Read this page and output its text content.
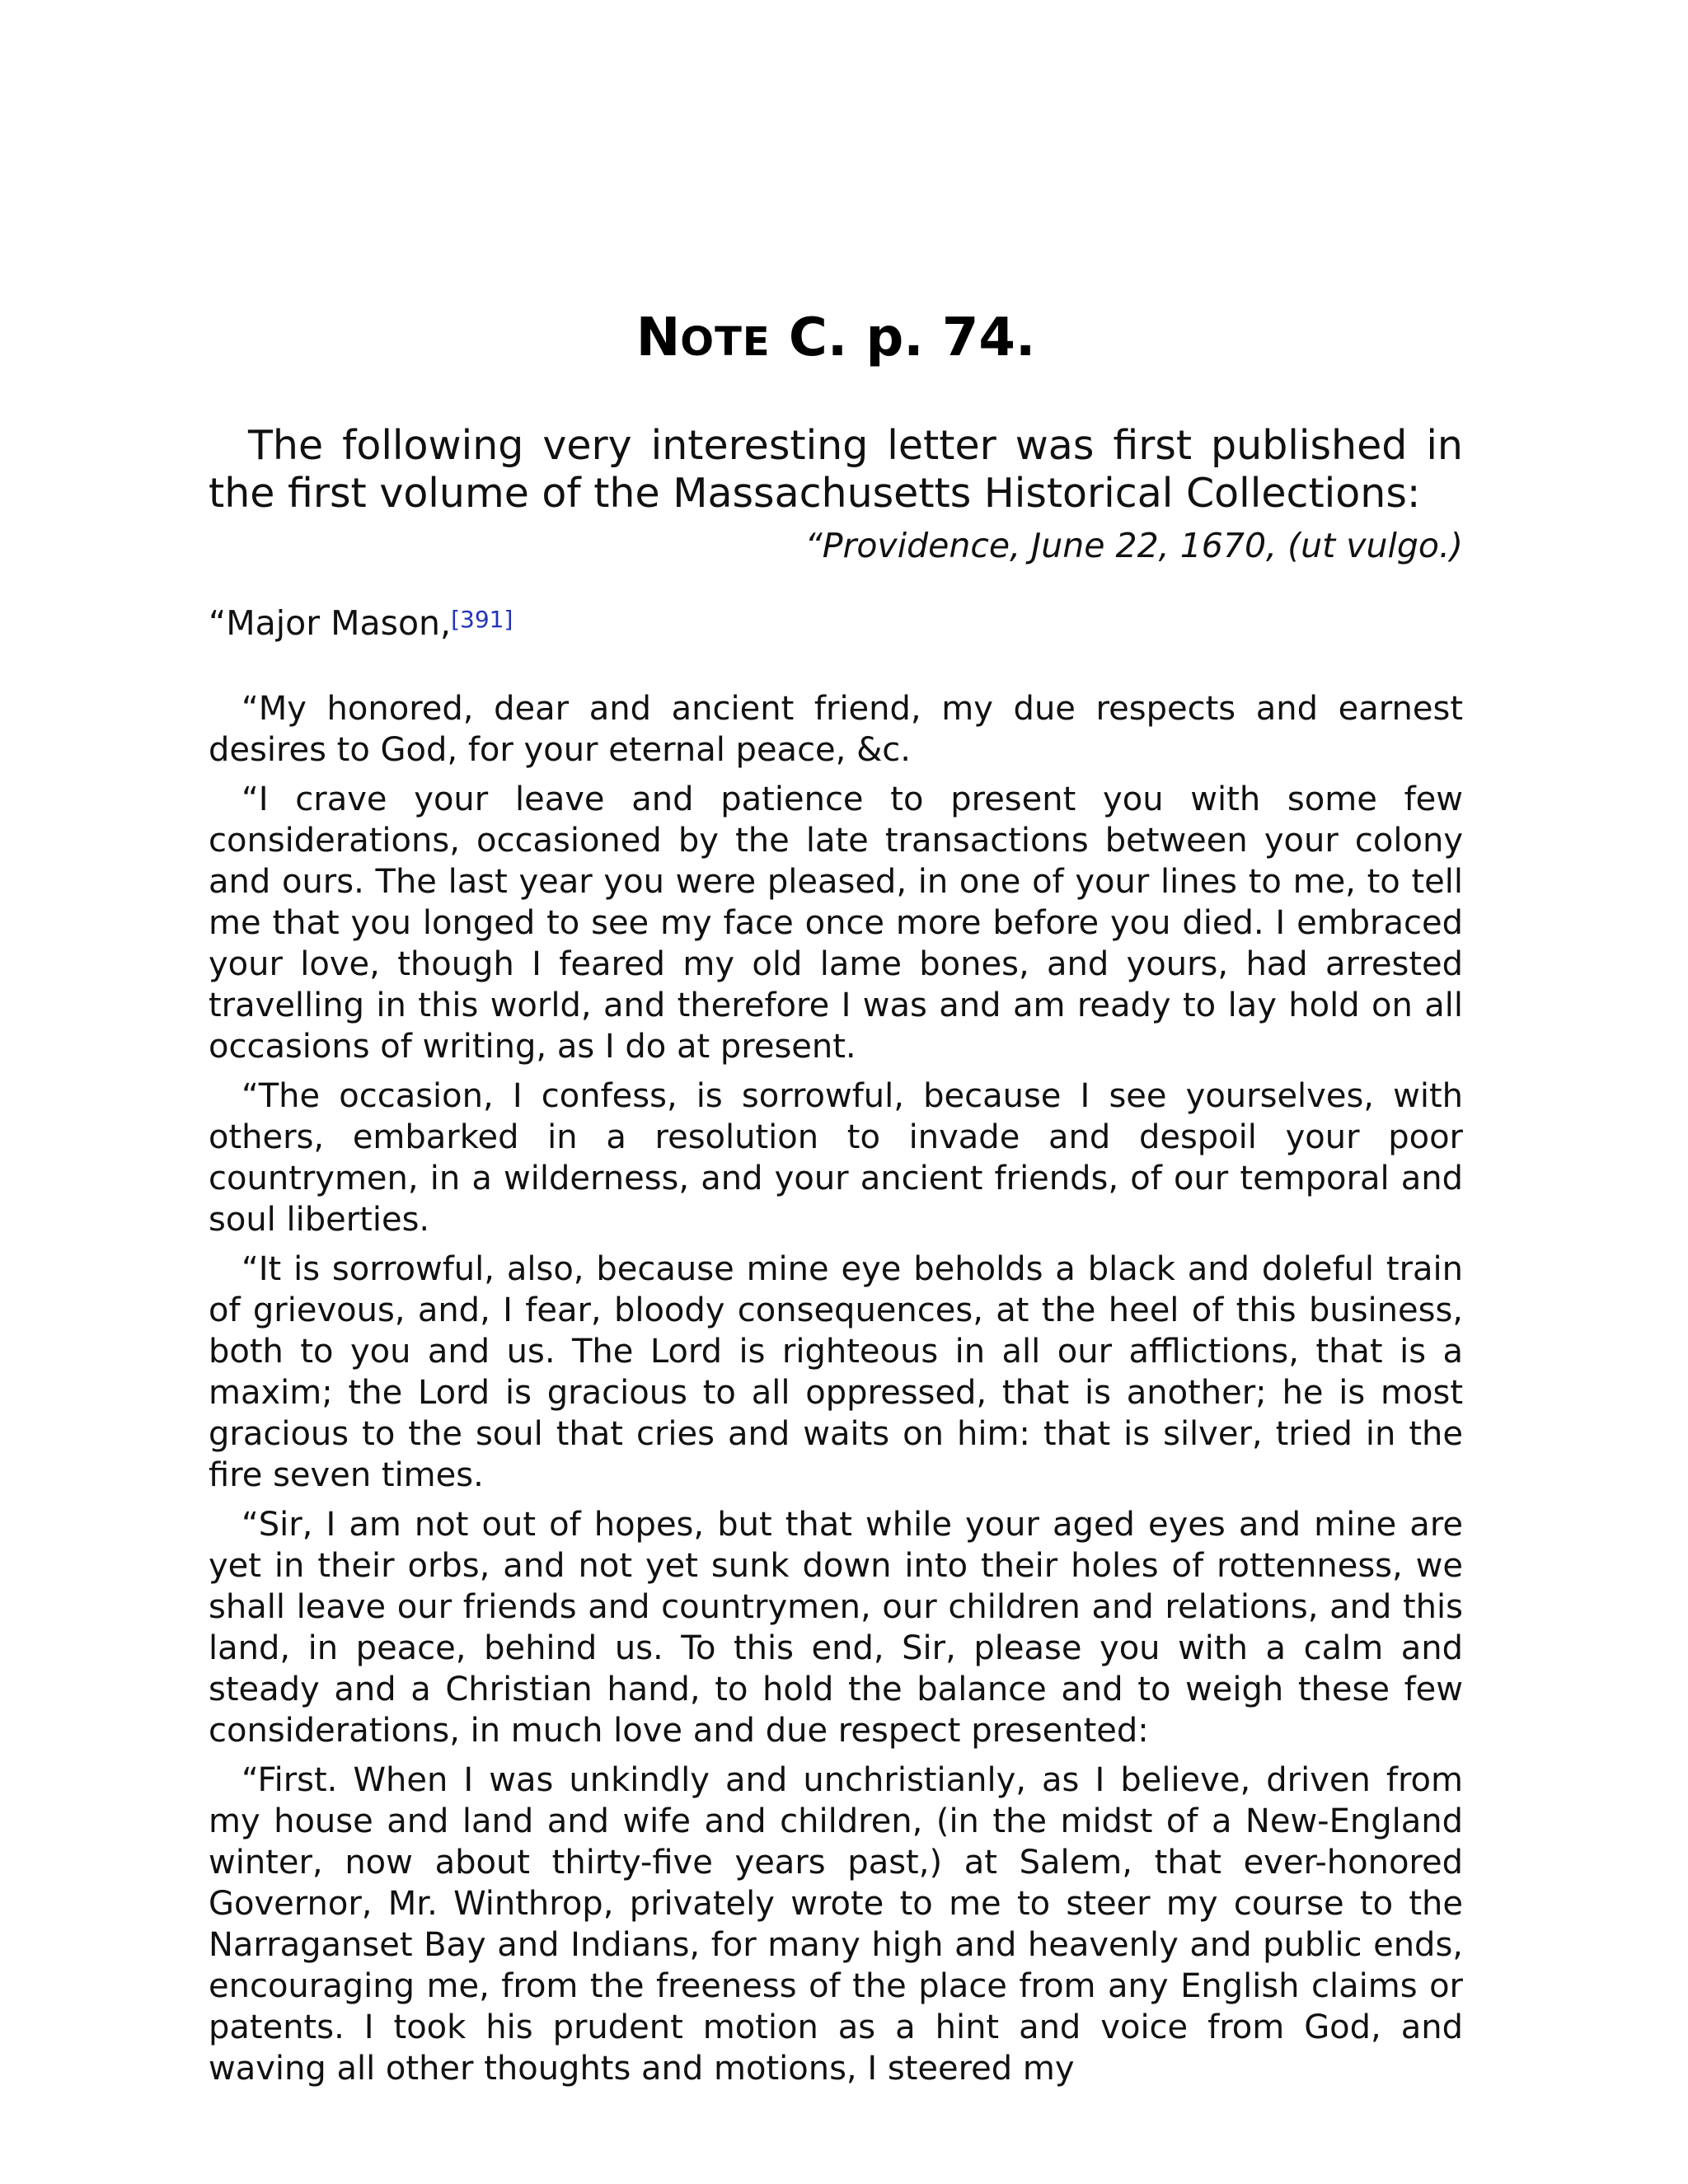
NOTE C. p. 74.

The following very interesting letter was first published in the first volume of the Massachusetts Historical Collections:

“Providence, June 22, 1670, (ut vulgo.)

“Major Mason,[391]

“My honored, dear and ancient friend, my due respects and earnest desires to God, for your eternal peace, &c.

“I crave your leave and patience to present you with some few considerations, occasioned by the late transactions between your colony and ours. The last year you were pleased, in one of your lines to me, to tell me that you longed to see my face once more before you died. I embraced your love, though I feared my old lame bones, and yours, had arrested travelling in this world, and therefore I was and am ready to lay hold on all occasions of writing, as I do at present.

“The occasion, I confess, is sorrowful, because I see yourselves, with others, embarked in a resolution to invade and despoil your poor countrymen, in a wilderness, and your ancient friends, of our temporal and soul liberties.

“It is sorrowful, also, because mine eye beholds a black and doleful train of grievous, and, I fear, bloody consequences, at the heel of this business, both to you and us. The Lord is righteous in all our afflictions, that is a maxim; the Lord is gracious to all oppressed, that is another; he is most gracious to the soul that cries and waits on him: that is silver, tried in the fire seven times.

“Sir, I am not out of hopes, but that while your aged eyes and mine are yet in their orbs, and not yet sunk down into their holes of rottenness, we shall leave our friends and countrymen, our children and relations, and this land, in peace, behind us. To this end, Sir, please you with a calm and steady and a Christian hand, to hold the balance and to weigh these few considerations, in much love and due respect presented:

“First. When I was unkindly and unchristianly, as I believe, driven from my house and land and wife and children, (in the midst of a New-England winter, now about thirty-five years past,) at Salem, that ever-honored Governor, Mr. Winthrop, privately wrote to me to steer my course to the Narraganset Bay and Indians, for many high and heavenly and public ends, encouraging me, from the freeness of the place from any English claims or patents. I took his prudent motion as a hint and voice from God, and waving all other thoughts and motions, I steered my
